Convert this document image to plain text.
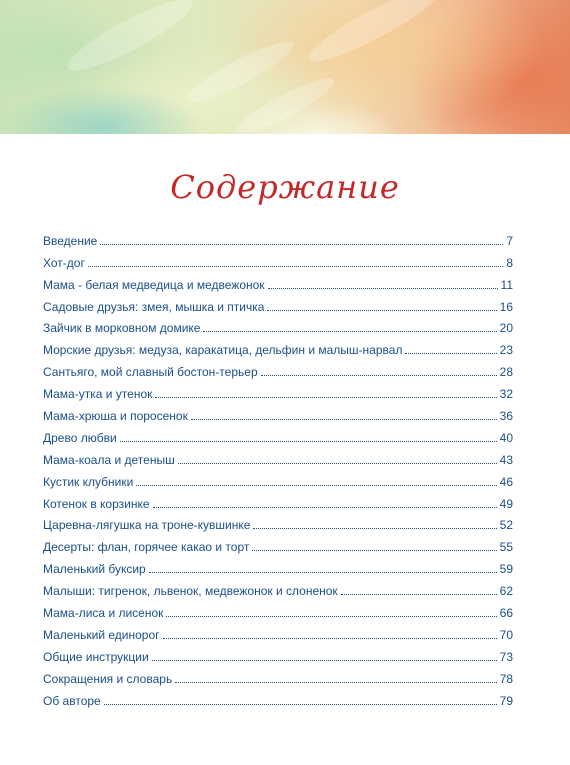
Содержание
Введение	7
Хот-дог	8
Мама - белая медведица и медвежонок	11
Садовые друзья: змея, мышка и птичка	16
Зайчик в морковном домике	20
Морские друзья: медуза, каракатица, дельфин и малыш-нарвал	23
Сантьяго, мой славный бостон-терьер	28
Мама-утка и утенок	32
Мама-хрюша и поросенок	36
Древо любви	40
Мама-коала и детеныш	43
Кустик клубники	46
Котенок в корзинке	49
Царевна-лягушка на троне-кувшинке	52
Десерты: флан, горячее какао и торт	55
Маленький буксир	59
Малыши: тигренок, львенок, медвежонок и слоненок	62
Мама-лиса и лисенок	66
Маленький единорог	70
Общие инструкции	73
Сокращения и словарь	78
Об авторе	79
